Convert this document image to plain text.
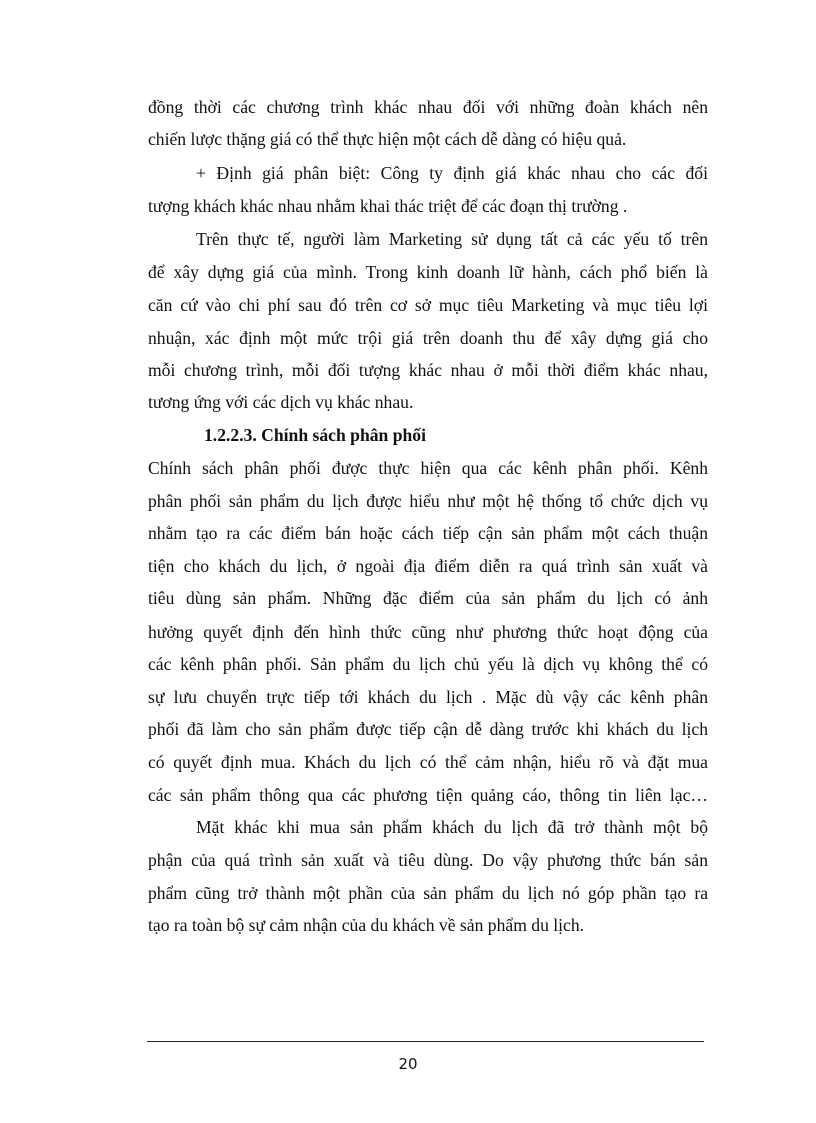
đồng thời các chương trình khác nhau đối với những đoàn khách nên
chiến lược thặng giá có thể thực hiện một cách dễ dàng có hiệu quả.
+ Định giá phân biệt: Công ty định giá khác nhau cho các đối
tượng khách khác nhau nhằm khai thác triệt để các đoạn thị trường .
Trên thực tế, người làm Marketing sử dụng tất cả các yếu tố trên
để xây dựng giá của mình. Trong kinh doanh lữ hành, cách phổ biến là
căn cứ vào chi phí sau đó trên cơ sở mục tiêu Marketing và mục tiêu lợi
nhuận, xác định một mức trội giá trên doanh thu để xây dựng giá cho
mỗi chương trình, mỗi đối tượng khác nhau ở mỗi thời điểm khác nhau,
tương ứng với các dịch vụ khác nhau.
1.2.2.3. Chính sách phân phối
Chính sách phân phối được thực hiện qua các kênh phân phối. Kênh
phân phối sản phẩm du lịch được hiểu như một hệ thống tổ chức dịch vụ
nhằm tạo ra các điểm bán hoặc cách tiếp cận sản phẩm một cách thuận
tiện cho khách du lịch, ở ngoài địa điểm diễn ra quá trình sản xuất và
tiêu dùng sản phẩm. Những đặc điểm của sản phẩm du lịch có ảnh
hưởng quyết định đến hình thức cũng như phương thức hoạt động của
các kênh phân phối. Sản phẩm du lịch chủ yếu là dịch vụ không thể có
sự lưu chuyển trực tiếp tới khách du lịch . Mặc dù vậy các kênh phân
phối đã làm cho sản phẩm được tiếp cận dễ dàng trước khi khách du lịch
có quyết định mua. Khách du lịch có thể cảm nhận, hiểu rõ và đặt mua
các sản phẩm thông qua các phương tiện quảng cáo, thông tin liên lạc…
Mặt khác khi mua sản phẩm khách du lịch đã trở thành một bộ
phận của quá trình sản xuất và tiêu dùng. Do vậy phương thức bán sản
phẩm cũng trở thành một phần của sản phẩm du lịch nó góp phần tạo ra
tạo ra toàn bộ sự cảm nhận của du khách về sản phẩm du lịch.
20
